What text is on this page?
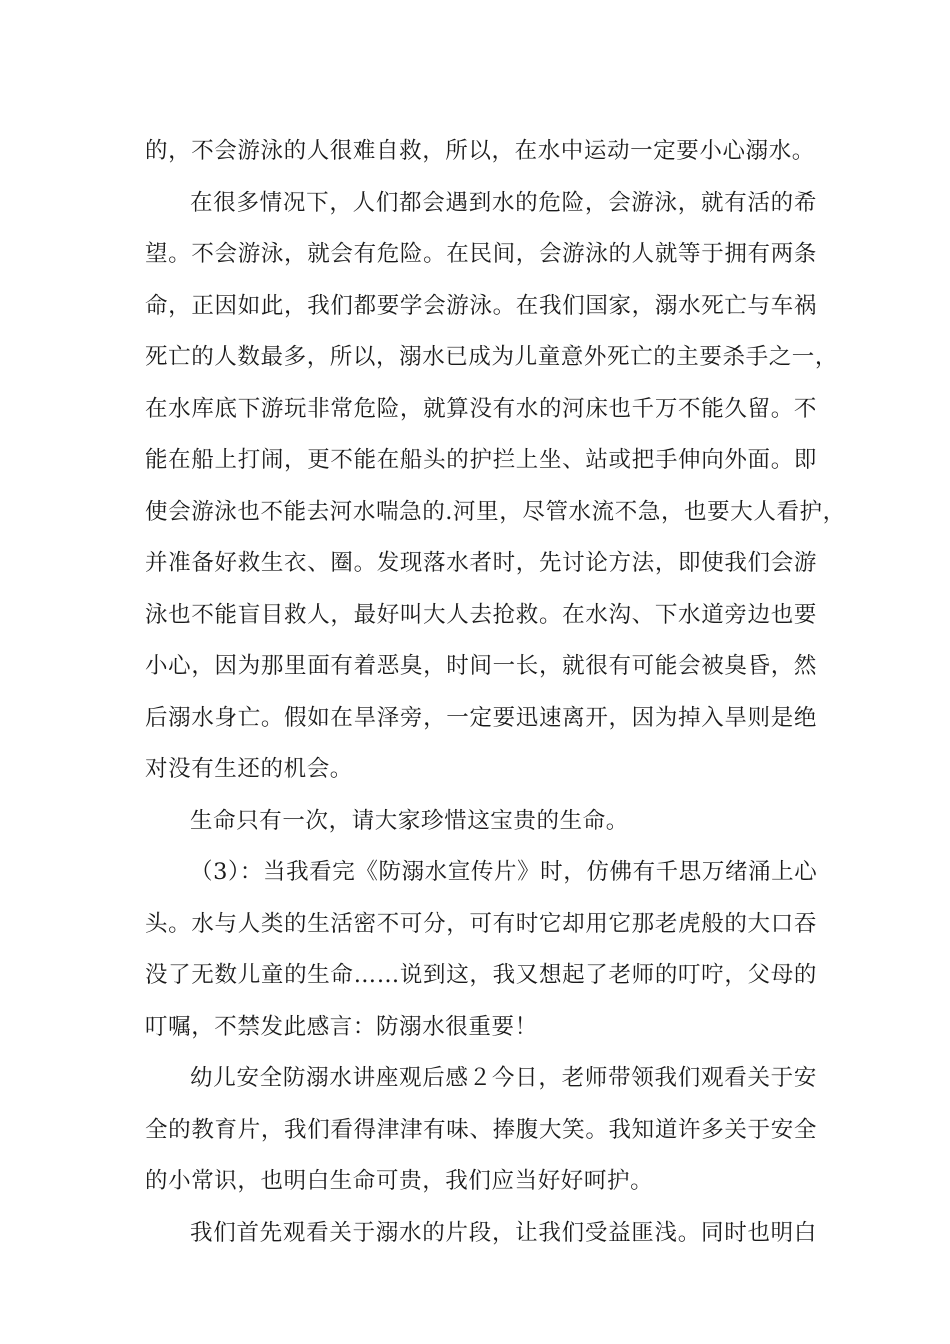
的，不会游泳的人很难自救，所以，在水中运动一定要小心溺水。
在很多情况下，人们都会遇到水的危险，会游泳，就有活的希
望。不会游泳，就会有危险。在民间，会游泳的人就等于拥有两条
命，正因如此，我们都要学会游泳。在我们国家，溺水死亡与车祸
死亡的人数最多，所以，溺水已成为儿童意外死亡的主要杀手之一，
在水库底下游玩非常危险，就算没有水的河床也千万不能久留。不
能在船上打闹，更不能在船头的护拦上坐、站或把手伸向外面。即
使会游泳也不能去河水喘急的.河里，尽管水流不急，也要大人看护，
并准备好救生衣、圈。发现落水者时，先讨论方法，即使我们会游
泳也不能盲目救人，最好叫大人去抢救。在水沟、下水道旁边也要
小心，因为那里面有着恶臭，时间一长，就很有可能会被臭昏，然
后溺水身亡。假如在旱泽旁，一定要迅速离开，因为掉入旱则是绝
对没有生还的机会。
生命只有一次，请大家珍惜这宝贵的生命。
（3）：当我看完《防溺水宣传片》时，仿佛有千思万绪涌上心
头。水与人类的生活密不可分，可有时它却用它那老虎般的大口吞
没了无数儿童的生命……说到这，我又想起了老师的叮咛，父母的
叮嘱，不禁发此感言：防溺水很重要！
幼儿安全防溺水讲座观后感２今日，老师带领我们观看关于安
全的教育片，我们看得津津有味、捧腹大笑。我知道许多关于安全
的小常识，也明白生命可贵，我们应当好好呵护。
我们首先观看关于溺水的片段，让我们受益匪浅。同时也明白
